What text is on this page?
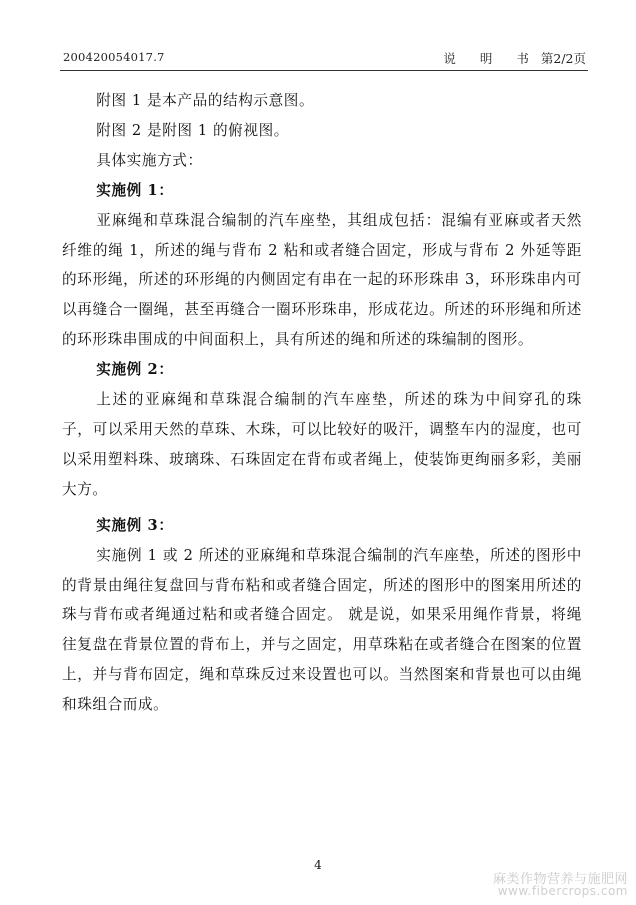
200420054017.7	说 明 书 第2/2页

附图 1 是本产品的结构示意图。

附图 2 是附图 1 的俯视图。

具体实施方式：

实施例 1：

亚麻绳和草珠混合编制的汽车座垫，其组成包括：混编有亚麻或者天然纤维的绳 1，所述的绳与背布 2 粘和或者缝合固定，形成与背布 2 外延等距的环形绳，所述的环形绳的内侧固定有串在一起的环形珠串 3，环形珠串内可以再缝合一圈绳，甚至再缝合一圈环形珠串，形成花边。所述的环形绳和所述的环形珠串围成的中间面积上，具有所述的绳和所述的珠编制的图形。

实施例 2：

上述的亚麻绳和草珠混合编制的汽车座垫，所述的珠为中间穿孔的珠子，可以采用天然的草珠、木珠，可以比较好的吸汗，调整车内的湿度，也可以采用塑料珠、玻璃珠、石珠固定在背布或者绳上，使装饰更绚丽多彩，美丽大方。

实施例 3：

实施例 1 或 2 所述的亚麻绳和草珠混合编制的汽车座垫，所述的图形中的背景由绳往复盘回与背布粘和或者缝合固定，所述的图形中的图案用所述的珠与背布或者绳通过粘和或者缝合固定。 就是说，如果采用绳作背景，将绳往复盘在背景位置的背布上，并与之固定，用草珠粘在或者缝合在图案的位置上，并与背布固定，绳和草珠反过来设置也可以。当然图案和背景也可以由绳和珠组合而成。

4
麻类作物营养与施肥网
www.fibercrops.com
